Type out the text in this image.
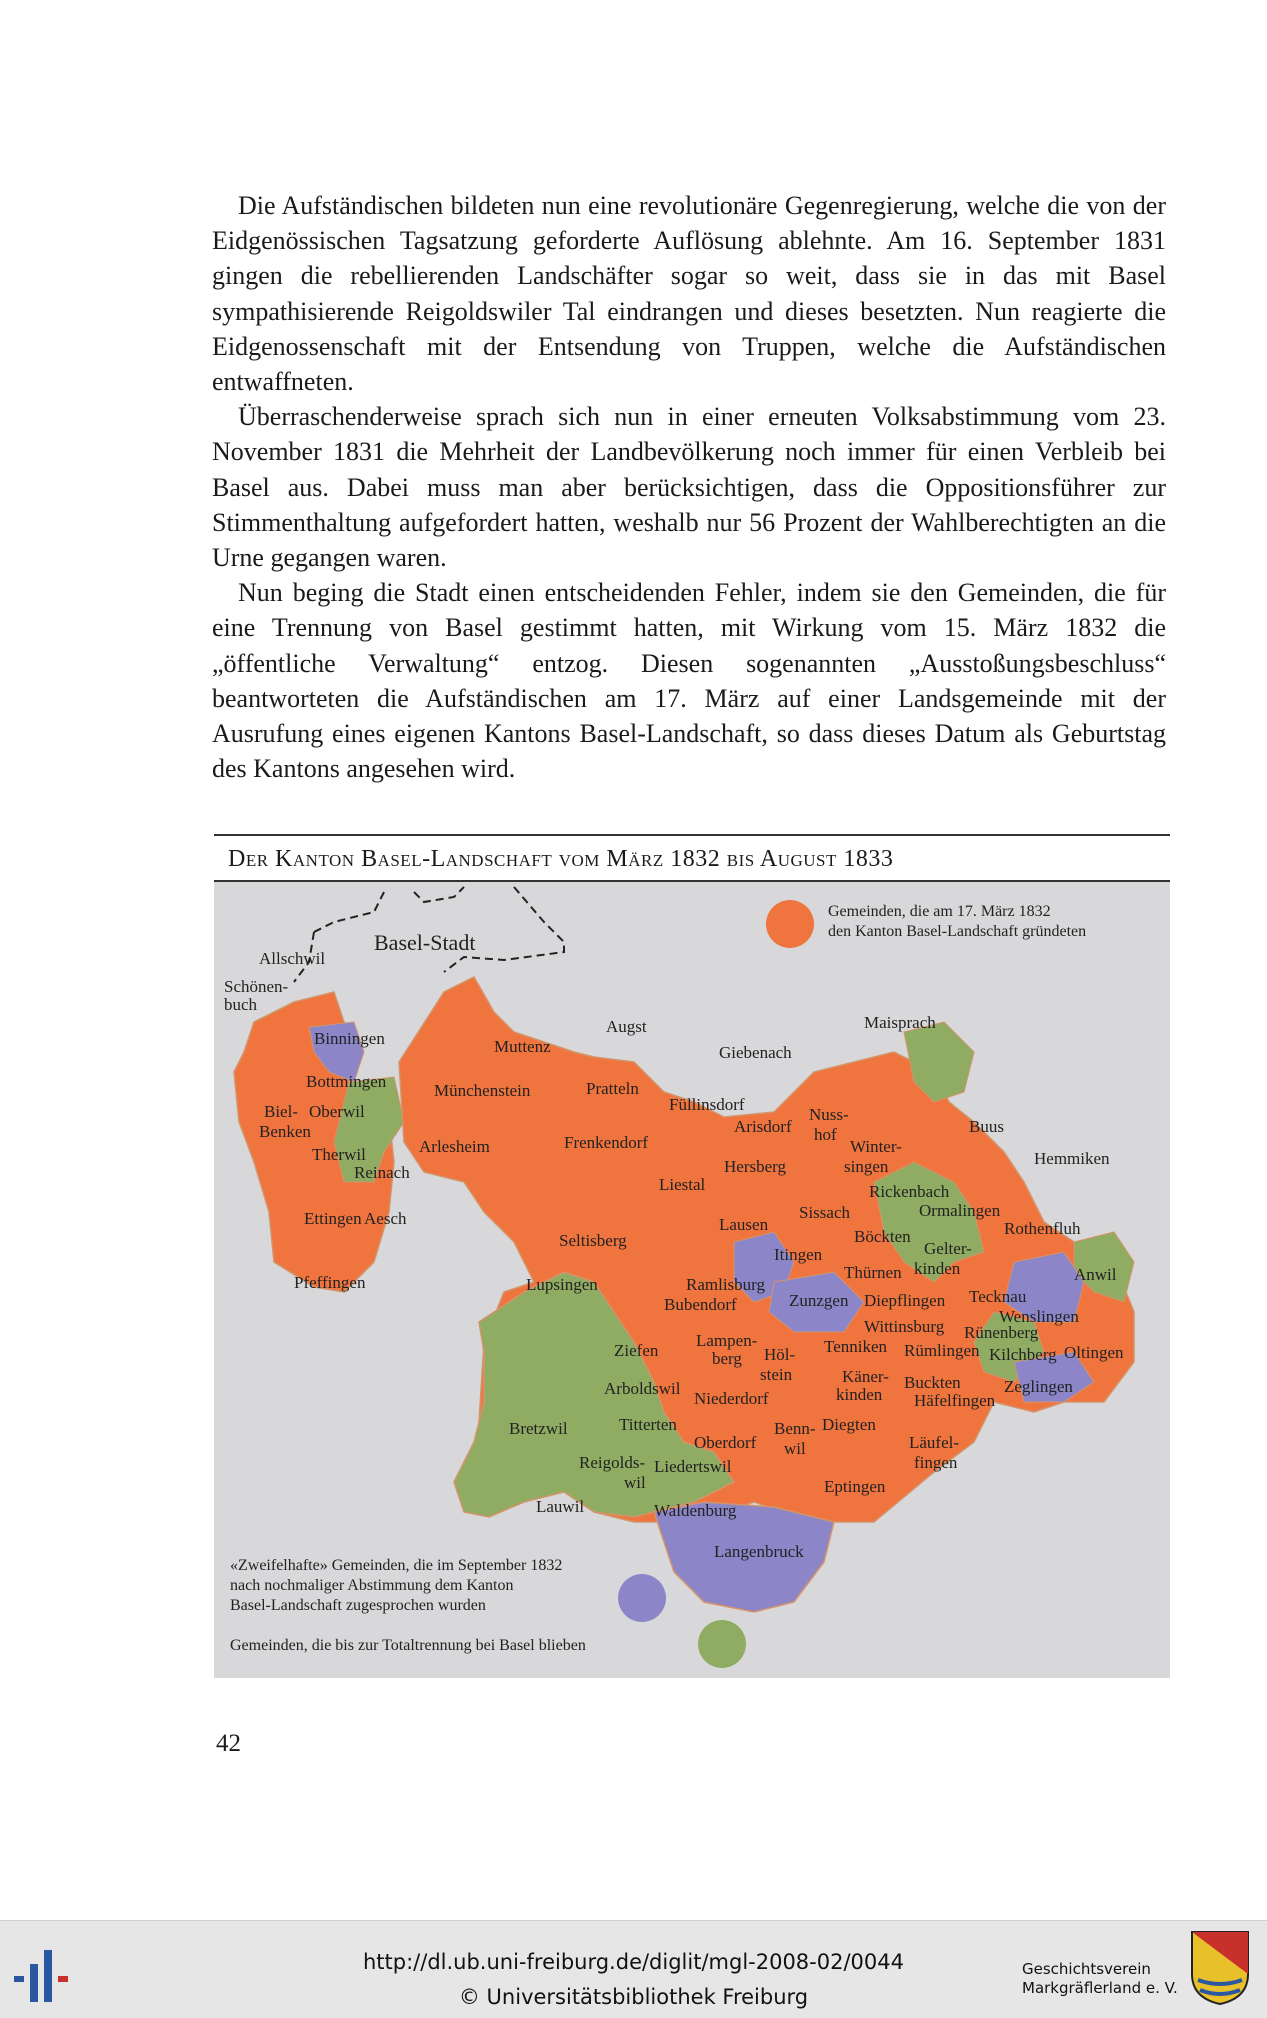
Die Aufständischen bildeten nun eine revolutionäre Gegenregierung, welche die von der Eidgenössischen Tagsatzung geforderte Auflösung ablehnte. Am 16. September 1831 gingen die rebellierenden Landschäfter sogar so weit, dass sie in das mit Basel sympathisierende Reigoldswiler Tal eindrangen und dieses besetzten. Nun reagierte die Eidgenossenschaft mit der Entsendung von Truppen, welche die Aufständischen entwaffneten.

Überraschenderweise sprach sich nun in einer erneuten Volksabstimmung vom 23. November 1831 die Mehrheit der Landbevölkerung noch immer für einen Verbleib bei Basel aus. Dabei muss man aber berücksichtigen, dass die Oppositionsführer zur Stimmenthaltung aufgefordert hatten, weshalb nur 56 Prozent der Wahlberechtigten an die Urne gegangen waren.

Nun beging die Stadt einen entscheidenden Fehler, indem sie den Gemeinden, die für eine Trennung von Basel gestimmt hatten, mit Wirkung vom 15. März 1832 die „öffentliche Verwaltung“ entzog. Diesen sogenannten „Ausstoßungsbeschluss“ beantworteten die Aufständischen am 17. März auf einer Landsgemeinde mit der Ausrufung eines eigenen Kantons Basel-Landschaft, so dass dieses Datum als Geburtstag des Kantons angesehen wird.

Der Kanton Basel-Landschaft vom März 1832 bis August 1833
Basel-Stadt
Allschwil
Schönen-
buch
Binningen
Bottmingen
Biel-
Benken
Oberwil
Therwil
Reinach
Ettingen Aesch
Pfeffingen
Muttenz
Münchenstein
Arlesheim
Augst
Pratteln
Giebenach
Füllinsdorf
Arisdorf
Frenkendorf
Nuss-
hof
Maisprach
Buus
Hemmiken
Winter-
singen
Hersberg
Liestal	Rickenbach
Ormalingen
Rothenfluh
Seltisberg
Lausen
Sissach
Itingen
Böckten
Gelter-
kinden	Anwil
Lupsingen	Ramlisburg
Bubendorf
Thürnen
Zunzgen Diepflingen Tecknau
Wenslingen
Wittinsburg Rünenberg
Ziefen
Lampen-
berg Höl-
stein
Tenniken Rümlingen Kilchberg Oltingen
Arboldswil
Niederdorf
Käner-
kinden
Buckten
Häfelfingen
Zeglingen
Bretzwil	Titterten
Oberdorf
Benn-
wil
Diegten
Läufel-
fingen
Reigolds-
wil
Liedertswil
Lauwil	Waldenburg
Eptingen
Langenbruck
Gemeinden, die am 17. März 1832
den Kanton Basel-Landschaft gründeten
«Zweifelhafte» Gemeinden, die im September 1832
nach nochmaliger Abstimmung dem Kanton
Basel-Landschaft zugesprochen wurden
Gemeinden, die bis zur Totaltrennung bei Basel blieben
42
http://dl.ub.uni-freiburg.de/diglit/mgl-2008-02/0044
© Universitätsbibliothek Freiburg
Geschichtsverein
Markgräflerland e. V.
